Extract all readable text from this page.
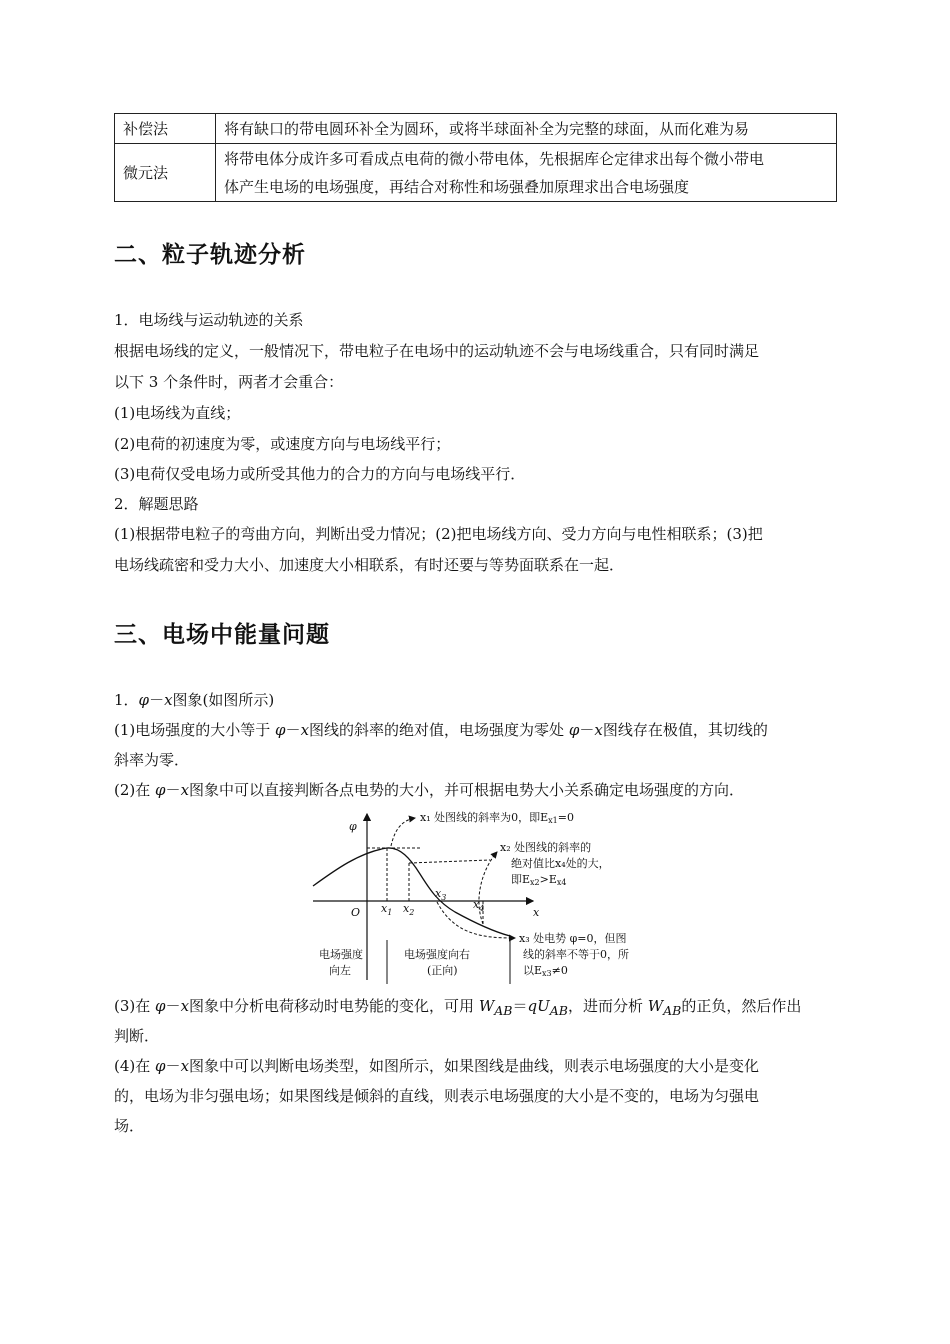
补偿法	将有缺口的带电圆环补全为圆环，或将半球面补全为完整的球面，从而化难为易
微元法	将带电体分成许多可看成点电荷的微小带电体，先根据库仑定律求出每个微小带电
体产生电场的电场强度，再结合对称性和场强叠加原理求出合电场强度
二、粒子轨迹分析
1．电场线与运动轨迹的关系
根据电场线的定义，一般情况下，带电粒子在电场中的运动轨迹不会与电场线重合，只有同时满足
以下 3 个条件时，两者才会重合：
(1)电场线为直线；
(2)电荷的初速度为零，或速度方向与电场线平行；
(3)电荷仅受电场力或所受其他力的合力的方向与电场线平行．
2．解题思路
(1)根据带电粒子的弯曲方向，判断出受力情况；(2)把电场线方向、受力方向与电性相联系；(3)把
电场线疏密和受力大小、加速度大小相联系，有时还要与等势面联系在一起．
三、电场中能量问题
1．φ－x图象(如图所示)
(1)电场强度的大小等于 φ－x图线的斜率的绝对值，电场强度为零处 φ－x图线存在极值，其切线的
斜率为零．
(2)在 φ－x图象中可以直接判断各点电势的大小，并可根据电势大小关系确定电场强度的方向．
φ
x
O $x_1$ $x_2$
$x_3$
$x_4$
x₁ 处图线的斜率为0，即Ex1=0
x₂ 处图线的斜率的
绝对值比x₄处的大，
即Ex2>Ex4
x₃ 处电势 φ=0，但图
线的斜率不等于0，所
以Ex3≠0
电场强度
向左
电场强度向右
(正向)
(3)在 φ－x图象中分析电荷移动时电势能的变化，可用 $W_{AB}=qU_{AB}$，进而分析 $W_{AB}$的正负，然后作出
判断．
(4)在 φ－x图象中可以判断电场类型，如图所示，如果图线是曲线，则表示电场强度的大小是变化
的，电场为非匀强电场；如果图线是倾斜的直线，则表示电场强度的大小是不变的，电场为匀强电
场．
